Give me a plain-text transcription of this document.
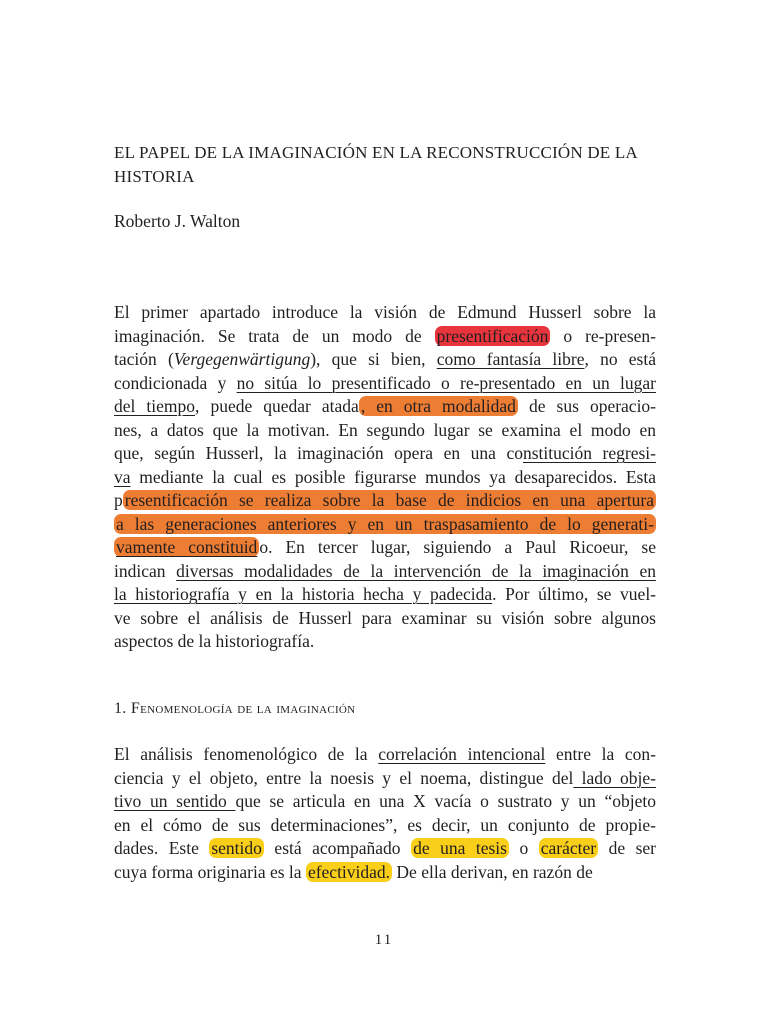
EL PAPEL DE LA IMAGINACIÓN EN LA RECONSTRUCCIÓN DE LA HISTORIA
Roberto J. Walton
El primer apartado introduce la visión de Edmund Husserl sobre la
imaginación. Se trata de un modo de presentificación o re-presen-
tación (Vergegenwärtigung), que si bien, como fantasía libre, no está
condicionada y no sitúa lo presentificado o re-presentado en un lugar
del tiempo, puede quedar atada , en otra modalidad de sus operacio-
nes, a datos que la motivan. En segundo lugar se examina el modo en
que, según Husserl, la imaginación opera en una constitución regresi-
va mediante la cual es posible figurarse mundos ya desaparecidos. Esta
p resentificación se realiza sobre la base de indicios en una apertura
a las generaciones anteriores y en un traspasamiento de lo generati-
vamente constituid o. En tercer lugar, siguiendo a Paul Ricoeur, se
indican diversas modalidades de la intervención de la imaginación en
la historiografía y en la historia hecha y padecida. Por último, se vuel-
ve sobre el análisis de Husserl para examinar su visión sobre algunos
aspectos de la historiografía.
1. Fenomenología de la imaginación
El análisis fenomenológico de la correlación intencional entre la con-
ciencia y el objeto, entre la noesis y el noema, distingue del lado obje-
tivo un sentido que se articula en una X vacía o sustrato y un “objeto
en el cómo de sus determinaciones”, es decir, un conjunto de propie-
dades. Este sentido está acompañado de una tesis o carácter de ser
cuya forma originaria es la efectividad. De ella derivan, en razón de
11
